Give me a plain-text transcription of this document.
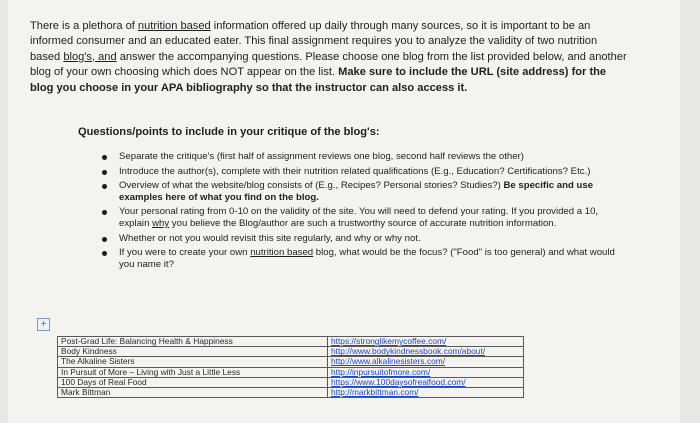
There is a plethora of nutrition based information offered up daily through many sources, so it is important to be an informed consumer and an educated eater. This final assignment requires you to analyze the validity of two nutrition based blog's, and answer the accompanying questions. Please choose one blog from the list provided below, and another blog of your own choosing which does NOT appear on the list. Make sure to include the URL (site address) for the blog you choose in your APA bibliography so that the instructor can also access it.

Questions/points to include in your critique of the blog's:

Separate the critique's (first half of assignment reviews one blog, second half reviews the other)
Introduce the author(s), complete with their nutrition related qualifications (E.g., Education? Certifications? Etc.)
Overview of what the website/blog consists of (E.g., Recipes? Personal stories? Studies?) Be specific and use examples here of what you find on the blog.
Your personal rating from 0-10 on the validity of the site. You will need to defend your rating. If you provided a 10, explain why you believe the Blog/author are such a trustworthy source of accurate nutrition information.
Whether or not you would revisit this site regularly, and why or why not.
If you were to create your own nutrition based blog, what would be the focus? ("Food" is too general) and what would you name it?
+
Post-Grad Life: Balancing Health & Happiness	https://stronglikemycoffee.com/
Body Kindness	http://www.bodykindnessbook.com/about/
The Alkaline Sisters	http://www.alkalinesisters.com/
In Pursuit of More – Living with Just a Little Less	http://inpursuitofmore.com/
100 Days of Real Food	https://www.100daysofrealfood.com/
Mark Bittman	http://markbittman.com/
